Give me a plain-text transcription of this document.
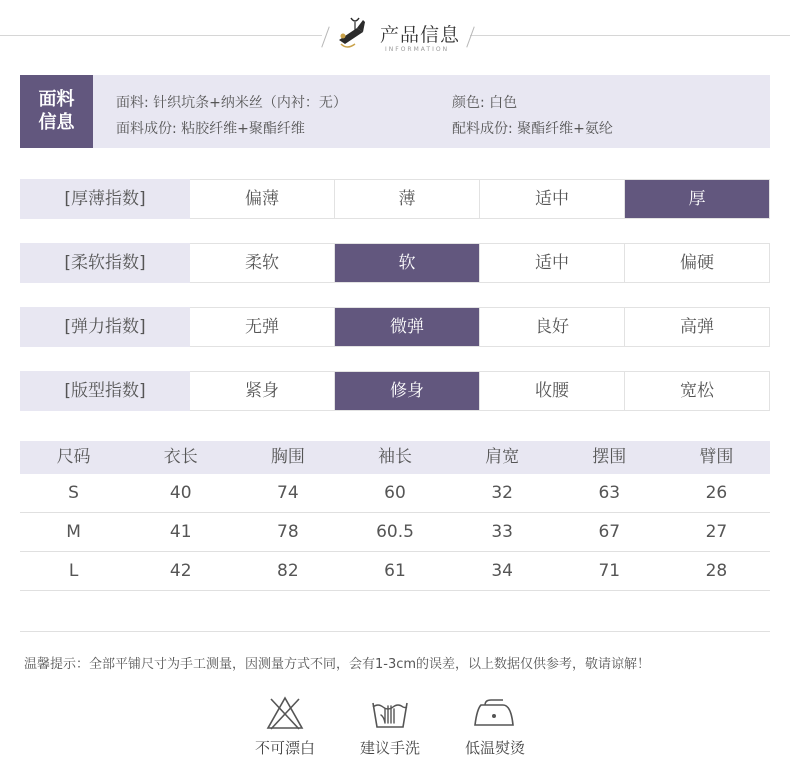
产品信息
INFORMATION
面料
信息
面料: 针织坑条+纳米丝（内衬：无）	颜色: 白色
面料成份: 粘胶纤维+聚酯纤维	配料成份: 聚酯纤维+氨纶
[厚薄指数]	偏薄	薄	适中	厚
[柔软指数]	柔软	软	适中	偏硬
[弹力指数]	无弹	微弹	良好	高弹
[版型指数]	紧身	修身	收腰	宽松
尺码	衣长	胸围	袖长	肩宽	摆围	臂围
S	40	74	60	32	63	26
M	41	78	60.5	33	67	27
L	42	82	61	34	71	28
温馨提示：全部平铺尺寸为手工测量，因测量方式不同，会有1-3cm的误差，以上数据仅供参考，敬请谅解！
不可漂白	建议手洗	低温熨烫
